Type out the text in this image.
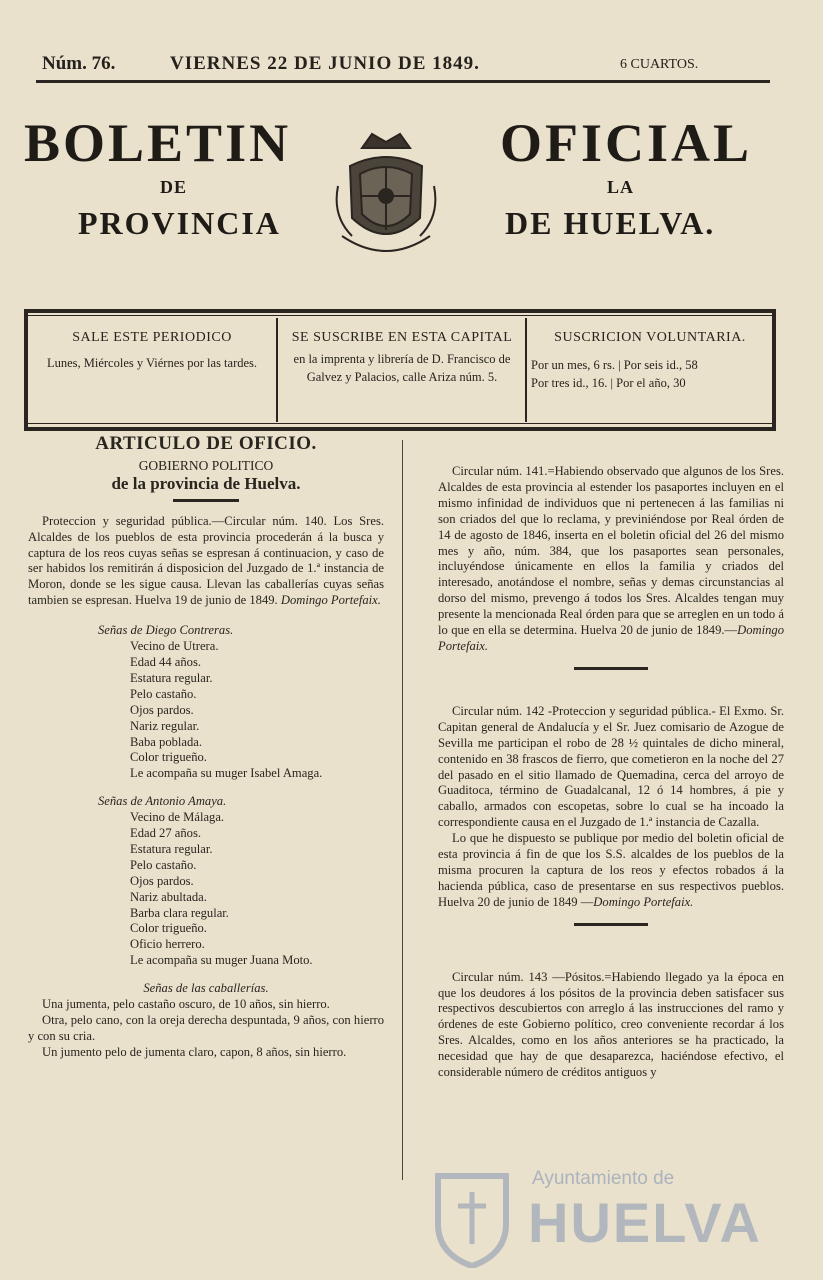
Núm. 76.	VIERNES 22 DE JUNIO DE 1849.	6 CUARTOS.
BOLETIN	OFICIAL
DE	LA
PROVINCIA	DE HUELVA.
SALE ESTE PERIODICO
Lunes, Miércoles y Viérnes por las tardes.
SE SUSCRIBE EN ESTA CAPITAL
en la imprenta y librería de D. Francisco de Galvez y Palacios, calle Ariza núm. 5.
SUSCRICION VOLUNTARIA.
Por un mes, 6 rs. | Por seis id., 58
Por tres id., 16. | Por el año, 30
ARTICULO DE OFICIO.
GOBIERNO POLITICO
de la provincia de Huelva.

Proteccion y seguridad pública.—Circular núm. 140. Los Sres. Alcaldes de los pueblos de esta provincia procederán á la busca y captura de los reos cuyas señas se espresan á continuacion, y caso de ser habidos los remitirán á disposicion del Juzgado de 1.ª instancia de Moron, donde se les sigue causa. Llevan las caballerías cuyas señas tambien se espresan. Huelva 19 de junio de 1849. Domingo Portefaix.

Señas de Diego Contreras.

Vecino de Utrera.

Edad 44 años.

Estatura regular.

Pelo castaño.

Ojos pardos.

Nariz regular.

Baba poblada.

Color trigueño.

Le acompaña su muger Isabel Amaga.

Señas de Antonio Amaya.

Vecino de Málaga.

Edad 27 años.

Estatura regular.

Pelo castaño.

Ojos pardos.

Nariz abultada.

Barba clara regular.

Color trigueño.

Oficio herrero.

Le acompaña su muger Juana Moto.

Señas de las caballerías.

Una jumenta, pelo castaño oscuro, de 10 años, sin hierro.

Otra, pelo cano, con la oreja derecha despuntada, 9 años, con hierro y con su cria.

Un jumento pelo de jumenta claro, capon, 8 años, sin hierro.

Circular núm. 141.=Habiendo observado que algunos de los Sres. Alcaldes de esta provincia al estender los pasaportes incluyen en el mismo infinidad de individuos que ni pertenecen á las familias ni son criados del que lo reclama, y previniéndose por Real órden de 14 de agosto de 1846, inserta en el boletin oficial del 26 del mismo mes y año, núm. 384, que los pasaportes sean personales, incluyéndose únicamente en ellos la familia y criados del interesado, anotándose el nombre, señas y demas circunstancias al dorso del mismo, prevengo á todos los Sres. Alcaldes tengan muy presente la mencionada Real órden para que se arreglen en un todo á lo que en ella se determina. Huelva 20 de junio de 1849.—Domingo Portefaix.

Circular núm. 142 -Proteccion y seguridad pública.- El Exmo. Sr. Capitan general de Andalucía y el Sr. Juez comisario de Azogue de Sevilla me participan el robo de 28 ½ quintales de dicho mineral, contenido en 38 frascos de fierro, que cometieron en la noche del 27 del pasado en el sitio llamado de Quemadina, cerca del arroyo de Guaditoca, término de Guadalcanal, 12 ó 14 hombres, á pie y caballo, armados con escopetas, sobre lo cual se ha incoado la correspondiente causa en el Juzgado de 1.ª instancia de Cazalla.

Lo que he dispuesto se publique por medio del boletin oficial de esta provincia á fin de que los S.S. alcaldes de los pueblos de la misma procuren la captura de los reos y efectos robados á la hacienda pública, caso de presentarse en sus respectivos pueblos. Huelva 20 de junio de 1849 —Domingo Portefaix.

Circular núm. 143 —Pósitos.=Habiendo llegado ya la época en que los deudores á los pósitos de la provincia deben satisfacer sus respectivos descubiertos con arreglo á las instrucciones del ramo y órdenes de este Gobierno político, creo conveniente recordar á los Sres. Alcaldes, como en los años anteriores se ha practicado, la necesidad que hay de que desaparezca, haciéndose efectivo, el considerable número de créditos antiguos y

Ayuntamiento de
HUELVA
